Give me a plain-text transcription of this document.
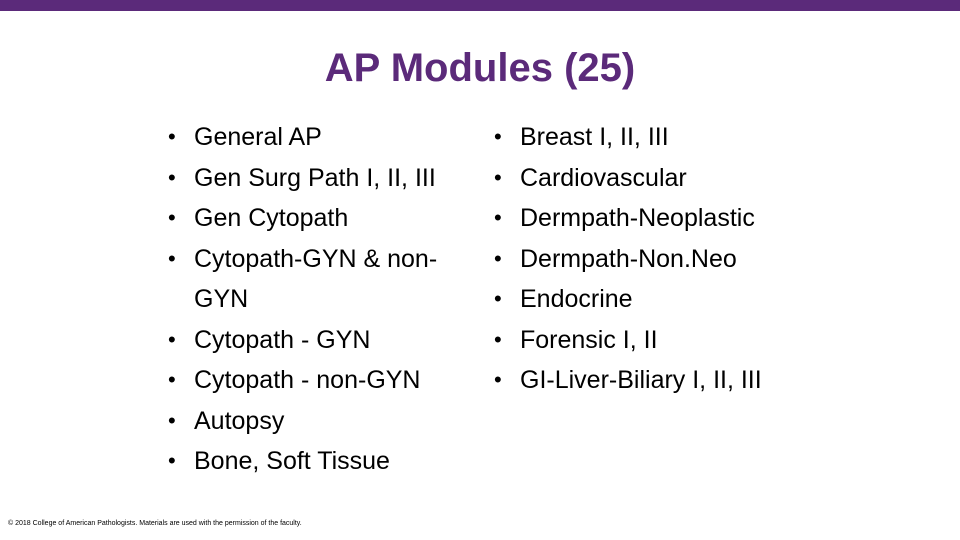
AP Modules (25)
• General AP
• Gen Surg Path I, II, III
• Gen Cytopath
• Cytopath-GYN & non-GYN
• Cytopath - GYN
• Cytopath - non-GYN
• Autopsy
• Bone, Soft Tissue
• Breast I, II, III
• Cardiovascular
• Dermpath-Neoplastic
• Dermpath-Non.Neo
• Endocrine
• Forensic I, II
• GI-Liver-Biliary I, II, III
© 2018 College of American Pathologists. Materials are used with the permission of the faculty.
